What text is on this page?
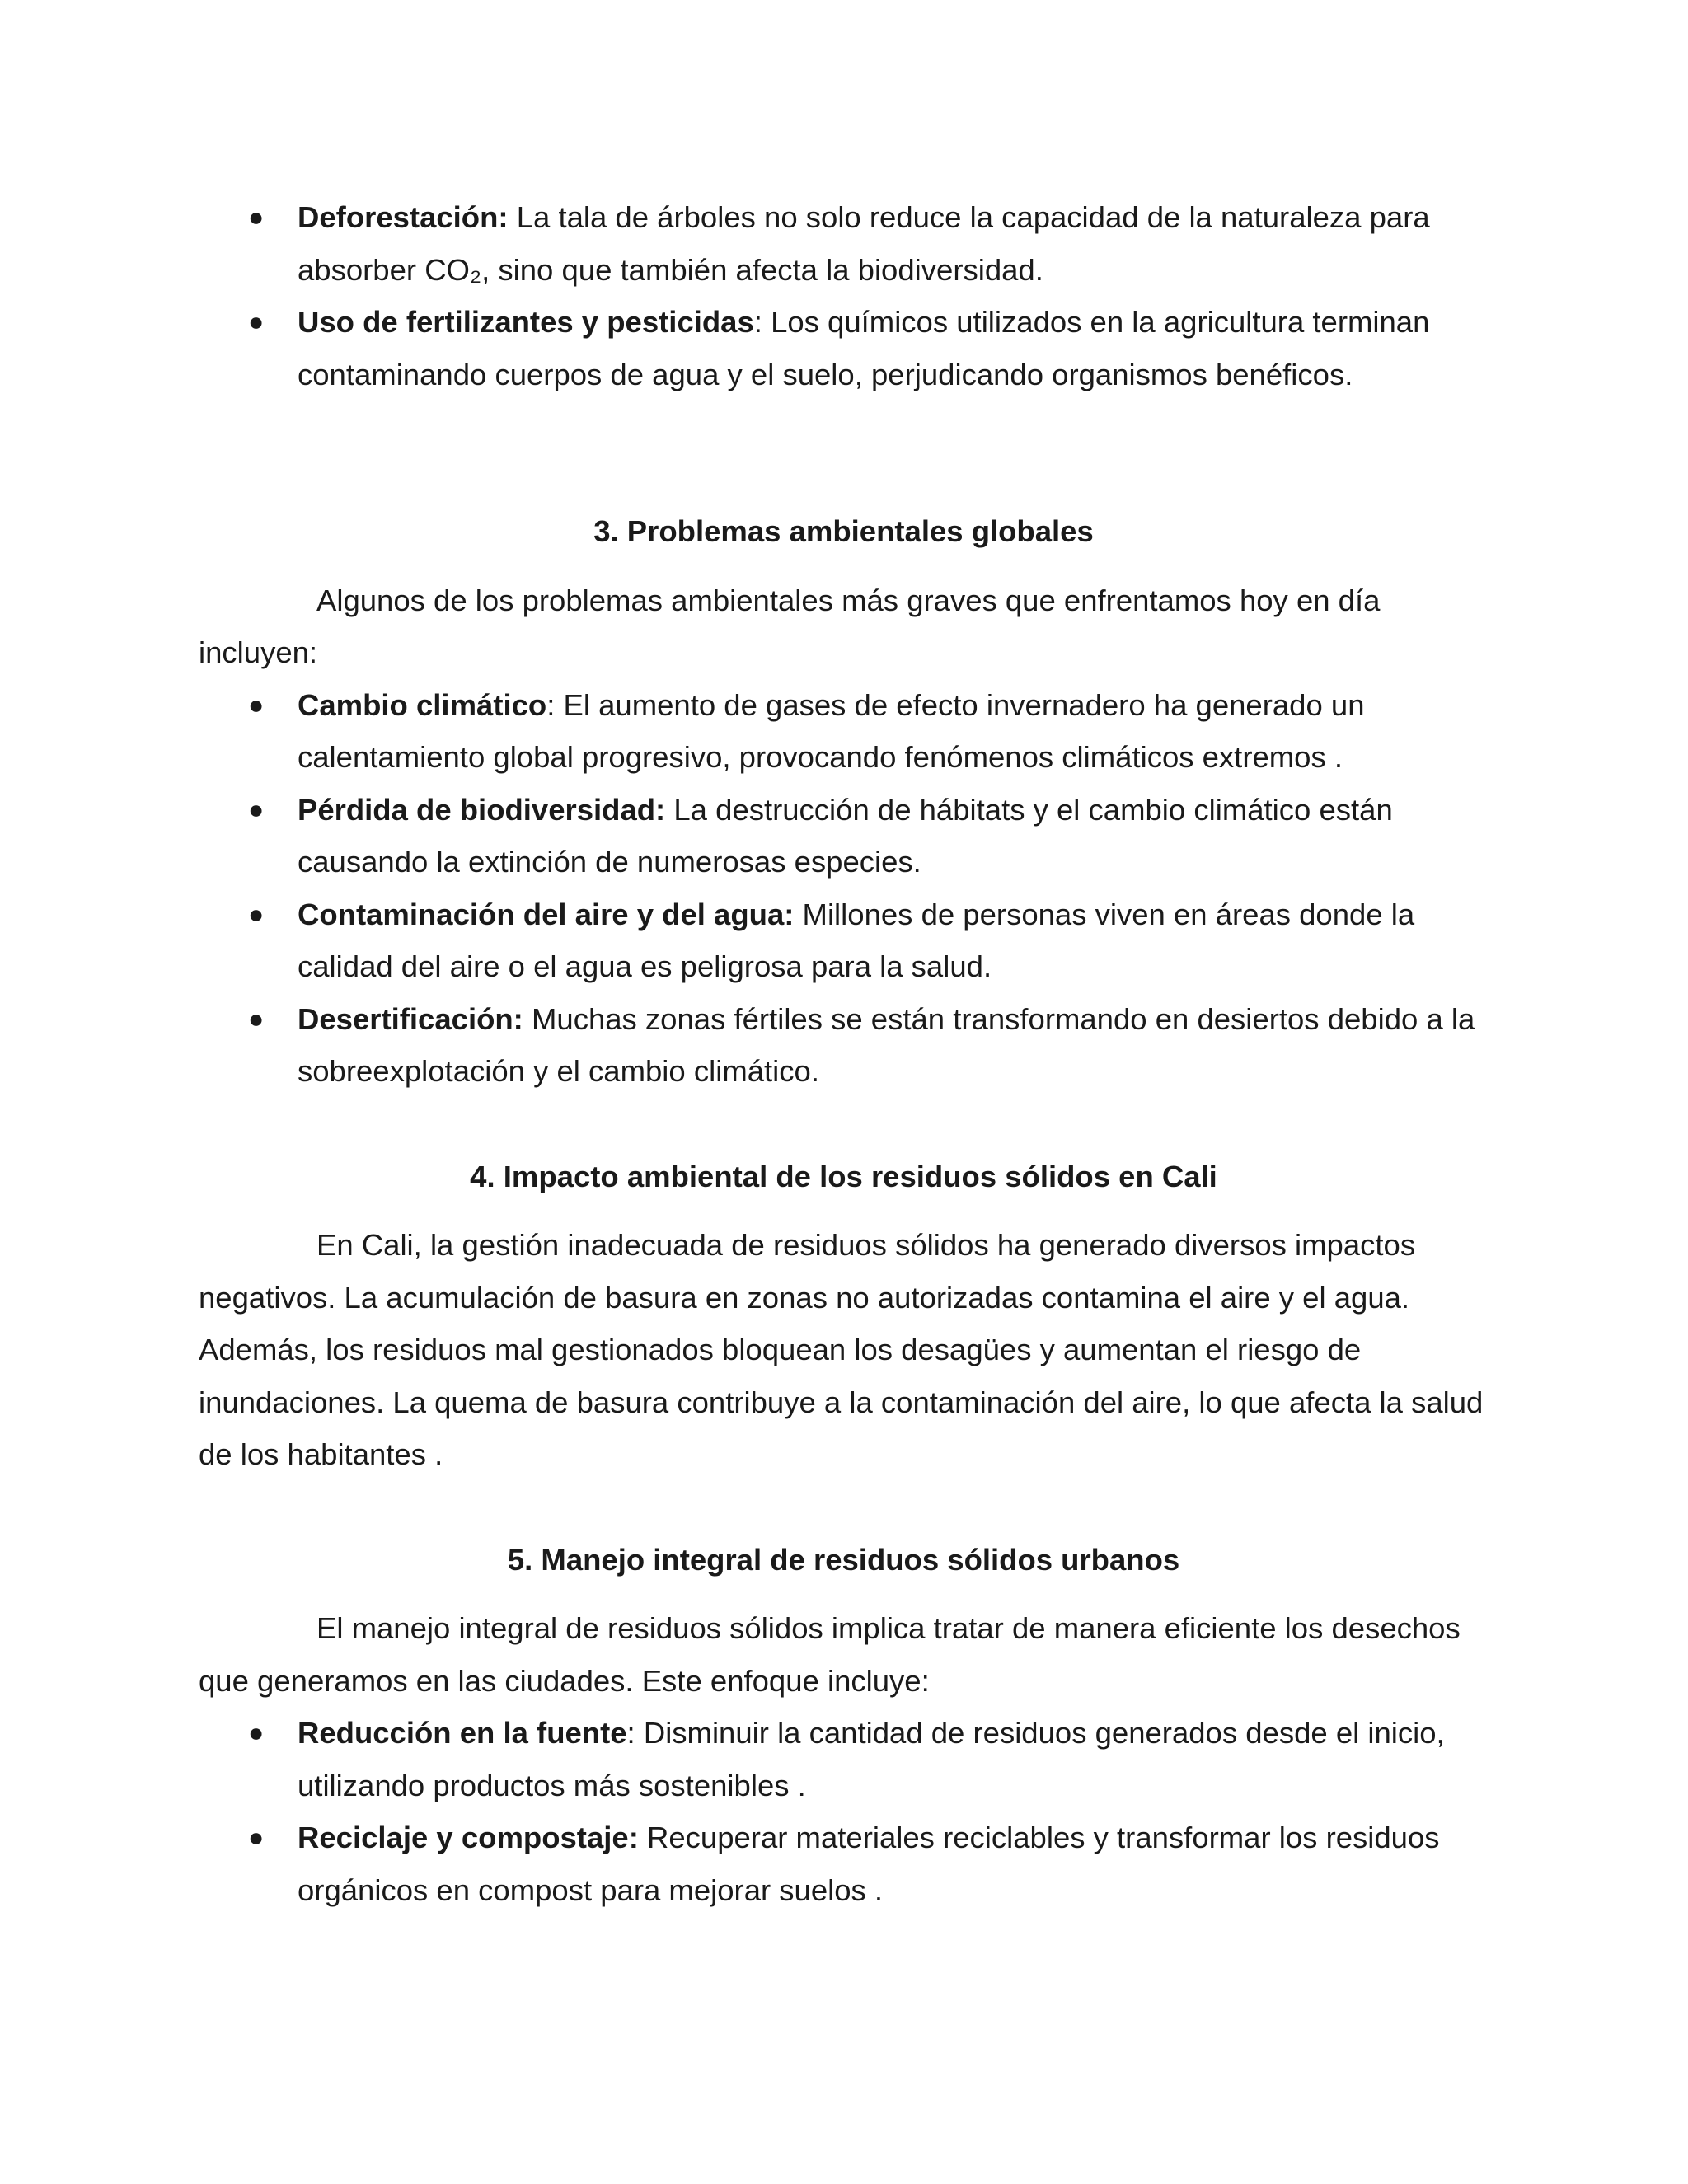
● Deforestación: La tala de árboles no solo reduce la capacidad de la naturaleza para absorber CO₂, sino que también afecta la biodiversidad.
● Uso de fertilizantes y pesticidas: Los químicos utilizados en la agricultura terminan contaminando cuerpos de agua y el suelo, perjudicando organismos benéficos.

3. Problemas ambientales globales

Algunos de los problemas ambientales más graves que enfrentamos hoy en día incluyen:

● Cambio climático: El aumento de gases de efecto invernadero ha generado un calentamiento global progresivo, provocando fenómenos climáticos extremos .
● Pérdida de biodiversidad: La destrucción de hábitats y el cambio climático están causando la extinción de numerosas especies.
● Contaminación del aire y del agua: Millones de personas viven en áreas donde la calidad del aire o el agua es peligrosa para la salud.
● Desertificación: Muchas zonas fértiles se están transformando en desiertos debido a la sobreexplotación y el cambio climático.

4. Impacto ambiental de los residuos sólidos en Cali

En Cali, la gestión inadecuada de residuos sólidos ha generado diversos impactos negativos. La acumulación de basura en zonas no autorizadas contamina el aire y el agua. Además, los residuos mal gestionados bloquean los desagües y aumentan el riesgo de inundaciones. La quema de basura contribuye a la contaminación del aire, lo que afecta la salud de los habitantes .

5. Manejo integral de residuos sólidos urbanos

El manejo integral de residuos sólidos implica tratar de manera eficiente los desechos que generamos en las ciudades. Este enfoque incluye:

● Reducción en la fuente: Disminuir la cantidad de residuos generados desde el inicio, utilizando productos más sostenibles .
● Reciclaje y compostaje: Recuperar materiales reciclables y transformar los residuos orgánicos en compost para mejorar suelos .
